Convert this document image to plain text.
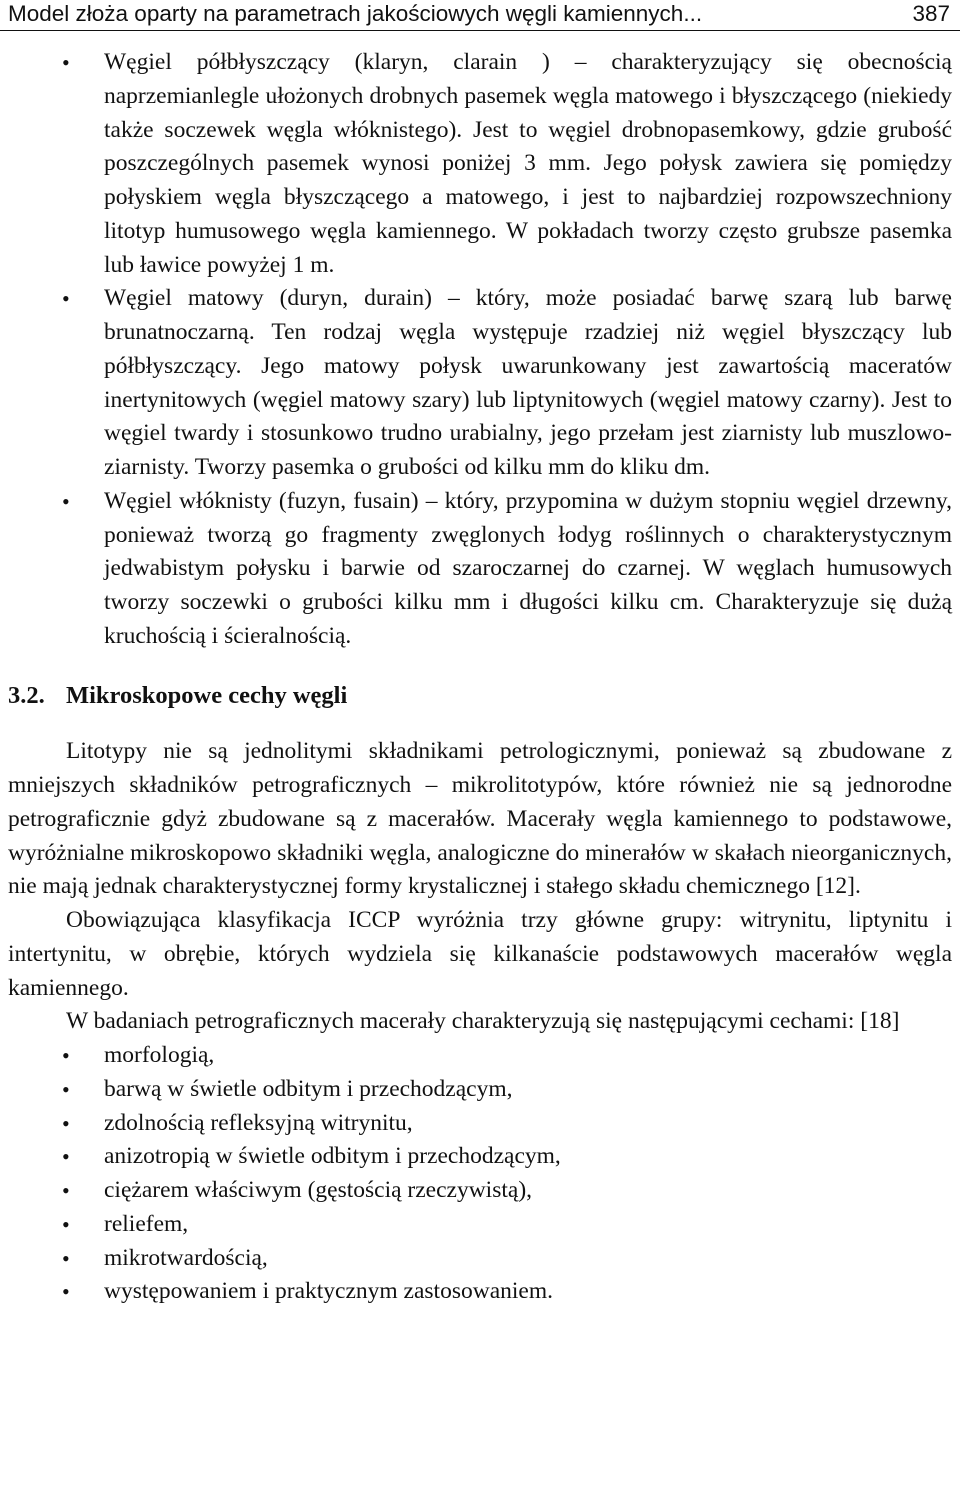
Model złoża oparty na parametrach jakościowych węgli kamiennych...	387
• Węgiel półbłyszczący (klaryn, clarain ) – charakteryzujący się obecnością naprzemianlegle ułożonych drobnych pasemek węgla matowego i błyszczącego (niekiedy także soczewek węgla włóknistego). Jest to węgiel drobnopasemkowy, gdzie grubość poszczególnych pasemek wynosi poniżej 3 mm. Jego połysk zawiera się pomiędzy połyskiem węgla błyszczącego a matowego, i jest to najbardziej rozpowszechniony litotyp humusowego węgla kamiennego. W pokładach tworzy często grubsze pasemka lub ławice powyżej 1 m.
• Węgiel matowy (duryn, durain) – który, może posiadać barwę szarą lub barwę brunatnoczarną. Ten rodzaj węgla występuje rzadziej niż węgiel błyszczący lub półbłyszczący. Jego matowy połysk uwarunkowany jest zawartością maceratów inertynitowych (węgiel matowy szary) lub liptynitowych (węgiel matowy czarny). Jest to węgiel twardy i stosunkowo trudno urabialny, jego przełam jest ziarnisty lub muszlowo-ziarnisty. Tworzy pasemka o grubości od kilku mm do kliku dm.
• Węgiel włóknisty (fuzyn, fusain) – który, przypomina w dużym stopniu węgiel drzewny, ponieważ tworzą go fragmenty zwęglonych łodyg roślinnych o charakterystycznym jedwabistym połysku i barwie od szaroczarnej do czarnej. W węglach humusowych tworzy soczewki o grubości kilku mm i długości kilku cm. Charakteryzuje się dużą kruchością i ścieralnością.
3.2. Mikroskopowe cechy węgli

Litotypy nie są jednolitymi składnikami petrologicznymi, ponieważ są zbudowane z mniejszych składników petrograficznych – mikrolitotypów, które również nie są jednorodne petrograficznie gdyż zbudowane są z macerałów. Macerały węgla kamiennego to podstawowe, wyróżnialne mikroskopowo składniki węgla, analogiczne do minerałów w skałach nieorganicznych, nie mają jednak charakterystycznej formy krystalicznej i stałego składu chemicznego [12].

Obowiązująca klasyfikacja ICCP wyróżnia trzy główne grupy: witrynitu, liptynitu i intertynitu, w obrębie, których wydziela się kilkanaście podstawowych macerałów węgla kamiennego.

W badaniach petrograficznych macerały charakteryzują się następującymi cechami: [18]

• morfologią,
• barwą w świetle odbitym i przechodzącym,
• zdolnością refleksyjną witrynitu,
• anizotropią w świetle odbitym i przechodzącym,
• ciężarem właściwym (gęstością rzeczywistą),
• reliefem,
• mikrotwardością,
• występowaniem i praktycznym zastosowaniem.
